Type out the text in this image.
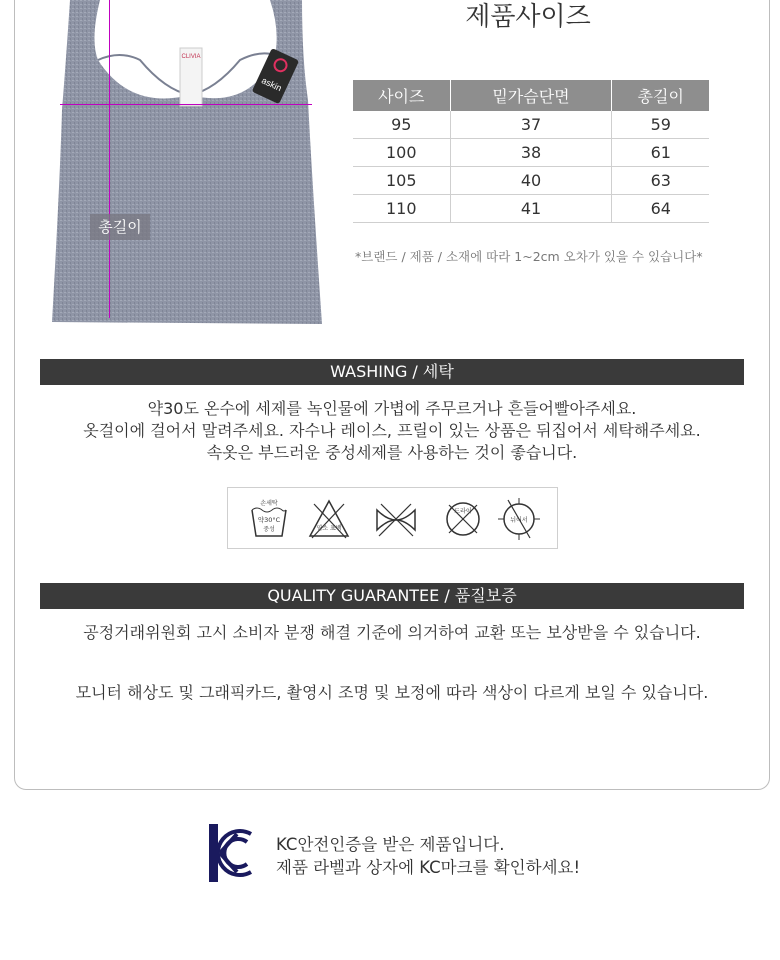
CLIVIA
askin
총길이
제품사이즈
사이즈	밑가슴단면	총길이
95	37	59
100	38	61
105	40	63
110	41	64
*브랜드 / 제품 / 소재에 따라 1~2cm 오차가 있을 수 있습니다*
WASHING / 세탁
약30도 온수에 세제를 녹인물에 가볍에 주무르거나 흔들어빨아주세요.
옷걸이에 걸어서 말려주세요. 자수나 레이스, 프릴이 있는 상품은 뒤집어서 세탁해주세요.
속옷은 부드러운 중성세제를 사용하는 것이 좋습니다.
손세탁
약30°C
중성	염소 표백
드라이
뉘어서
QUALITY GUARANTEE / 품질보증
공정거래위원회 고시 소비자 분쟁 해결 기준에 의거하여 교환 또는 보상받을 수 있습니다.
모니터 해상도 및 그래픽카드, 촬영시 조명 및 보정에 따라 색상이 다르게 보일 수 있습니다.
KC안전인증을 받은 제품입니다.
제품 라벨과 상자에 KC마크를 확인하세요!
